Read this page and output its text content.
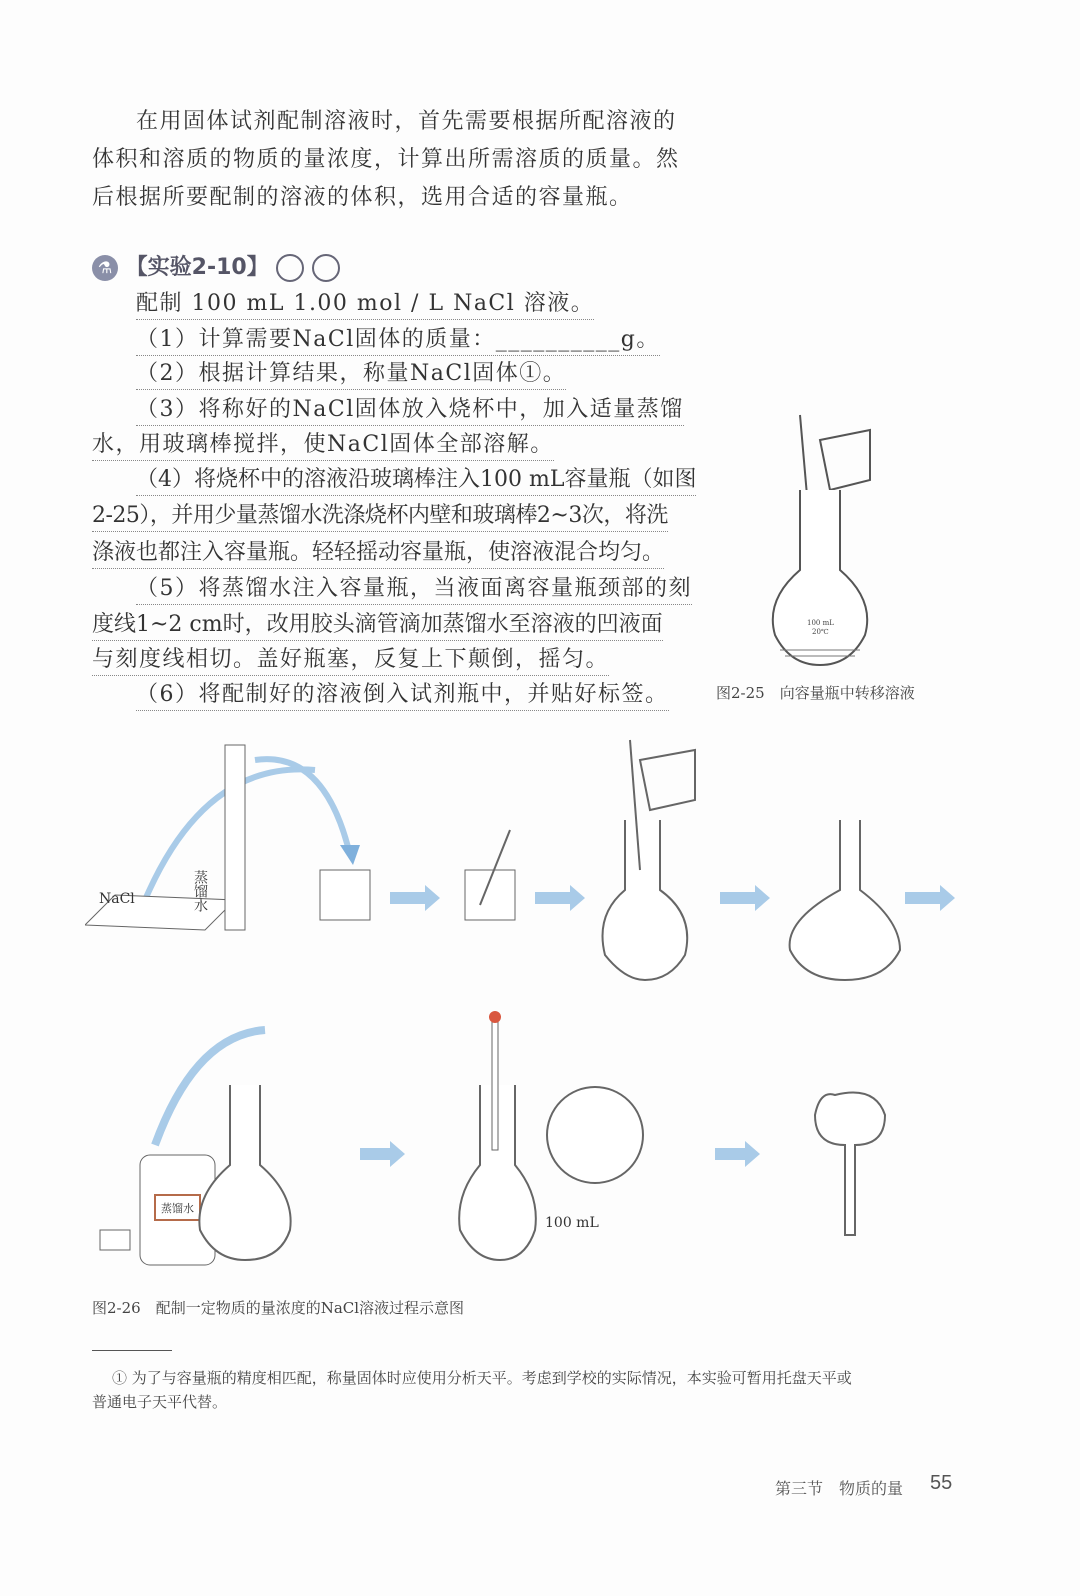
在用固体试剂配制溶液时，首先需要根据所配溶液的
体积和溶质的物质的量浓度，计算出所需溶质的质量。然
后根据所要配制的溶液的体积，选用合适的容量瓶。
⚗ 【实验2-10】
配制 100 mL 1.00 mol / L NaCl 溶液。
（1）计算需要NaCl固体的质量：__________g。
（2）根据计算结果，称量NaCl固体①。
（3）将称好的NaCl固体放入烧杯中，加入适量蒸馏
水，用玻璃棒搅拌，使NaCl固体全部溶解。
（4）将烧杯中的溶液沿玻璃棒注入100 mL容量瓶（如图
2-25），并用少量蒸馏水洗涤烧杯内壁和玻璃棒2~3次，将洗
涤液也都注入容量瓶。轻轻摇动容量瓶，使溶液混合均匀。
（5）将蒸馏水注入容量瓶，当液面离容量瓶颈部的刻
度线1~2 cm时，改用胶头滴管滴加蒸馏水至溶液的凹液面
与刻度线相切。盖好瓶塞，反复上下颠倒，摇匀。
（6）将配制好的溶液倒入试剂瓶中，并贴好标签。
100 mL
20℃
图2-25　向容量瓶中转移溶液
NaCl	蒸馏水
蒸馏水
100 mL
图2-26　配制一定物质的量浓度的NaCl溶液过程示意图
① 为了与容量瓶的精度相匹配，称量固体时应使用分析天平。考虑到学校的实际情况，本实验可暂用托盘天平或
普通电子天平代替。
第三节　物质的量 55
